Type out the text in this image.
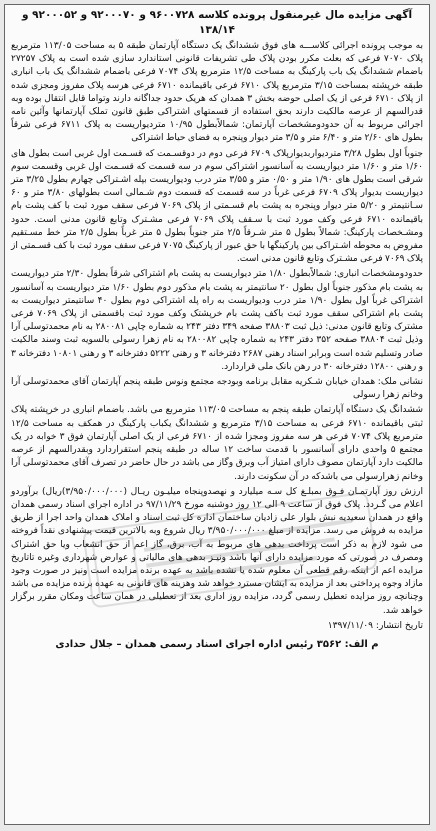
آگهی مزایده مال غیرمنقول پرونده کلاسه ۹۶۰۰۷۲۸ و ۹۲۰۰۰۷۰ و ۹۲۰۰۰۵۲ و ۱۳۸/۱۴

به موجب پرونده اجرائی کلاســـه های فوق ششدانگ یک دستگاه آپارتمان طبقه ۵ به مساحت ۱۱۳/۰۵ مترمربع پلاک ۷۰۷۰ فرعی که بعلت مکرر بودن پلاک طی تشریفات قانونی استاندارد سازی شده است به پلاک ۲۷۲۵۷ باضمام ششدانگ یک باب پارکینگ به مساحت ۱۲/۵ مترمربع پلاک ۷۰۷۴ فرعی باضمام ششدانگ یک باب انباری طبقه خرپشته بمساحت ۳/۱۵ مترمربع پلاک ۶۷۱۰ فرعی باقیمانده ۶۷۱۰ فرعی هرسه پلاک مفروز ومجزی شده از پلاک ۶۷۱۰ فرعی از یک اصلی حوضه بخش ۳ همدان که هریک حدود جداگانه دارند وتواما قابل انتقال بوده وبه قدرالسهم از عرصه مالکیت دارند بحق استفاده از قسمتهای اشتراکی طبق قانون تملک آپارتمانها وآئین نامه اجرائی مربوط به آن حدودومشخصات آپارتمان: شمالاًبطول ۱۰/۹۵ متردیواریست به پلاک ۶۷۱۱ فرعی شرقاً بطول های ۲/۶۰ متر و ۶/۴۰ متر و ۳/۵ متر دیوار وپنجره به فضای حیاط اشتراکی

جنوباً اول بطول ۳/۲۸ متردیواربدیوارپلاک ۶۷۰۹ فرعی دوم در دوقسـمت که قسـمت اول غربی است بطول های ۱/۶۰ متر و ۱/۶۰ متر دیواریست به آسانسور اشتراکی سوم در سه قسمت که قسـمت اول غربی وقسمت سوم شرقی است بطول های ۱/۹۰ متر و ۰/۵۰ متر و ۳/۵۵ متر درب ودیواریست بپله اشـتراکی چهارم بطول ۳/۲۵ متر دیواریست بدیوار پلاک ۶۷۰۹ فرعی غرباً در سه قسمت که قسمت دوم شـمالی است بطولهای ۳/۸۰ متر و ۶۰ سـانتیمتر و ۵/۲۰ متر دیوار وپنجره به پشت بام قسـمتی از پلاک ۷۰۶۹ فرعی سقف مورد ثبت با کف پشت بام باقیمانده ۶۷۱۰ فرعی وکف مورد ثبت با سـقف پلاک ۷۰۶۹ فرعی مشـترک وتابع قانون مدنی است. حدود ومشـخصات پارکینگ: شمالاً بطول ۵ متر شـرقاً ۲/۵ متر جنوباً بطول ۵ متر غرباً بطول ۲/۵ متر خط مسـتقیم مفروض به محوطه اشـتراکی بین پارکینگها با حق عبور از پارکینگ ۷۰۷۵ فرعی سقف مورد ثبت با کف قسـمتی از پلاک ۷۰۶۹ فرعی مشـترک وتابع قانون مدنی است.

حدودومشخصات انباری: شمالاًبطول ۱/۸۰ متر دیواریست به پشت بام اشتراکی شرقاً بطول ۲/۳۰ متر دیواریست به پشت بام مذکور جنوباً اول بطول ۲۰ سانتیمتر به پشت بام مذکور دوم بطول ۱/۶۰ متر دیواریست به آسانسور اشتراکی غرباً اول بطول ۱/۹۰ متر درب ودیواریست به راه پله اشتراکی دوم بطول ۴۰ سانتیمتر دیواریست به پشت بام اشتراکی سقف مورد ثبت باکف پشت بام خرپشتک وکف مورد ثبت باقسمتی از پلاک ۷۰۶۹ فرعی مشترک وتابع قانون مدنی: ذیل ثبت ۳۸۸۰۳ صفحه ۳۴۹ دفتر ۲۴۳ به شماره چاپی ۲۸۰۰۸۱ به نام محمدتوسلی آرا وذیل ثبت ۳۸۸۰۴ صفحه ۳۵۲ دفتر ۲۴۳ به شماره چاپی ۲۸۰۰۸۲ به نام زهرا رسولی بالسویه ثبت وسند مالکیت صادر وتسلیم شده است وبرابر اسناد رهنی ۲۶۸۷ دفترخانه ۳ و رهنی ۵۲۲۲ دفترخانه ۳ و رهنی ۱۰۸۰۱ دفترخانه ۳ و رهنی ۱۲۸۰۰ دفترخانه ۳۰ در رهن بانک ملی قراردارد.

نشانی ملک: همدان خیابان شـکریه مقابل برنامه وبودجه مجتمع ونوس طبقه پنجم آپارتمان آقای محمدتوسلی آرا وخانم زهرا رسولی

ششدانگ یک دستگاه آپارتمان طبقه پنجم به مساحت ۱۱۳/۰۵ مترمربع می باشد. باضمام انباری در خرپشته پلاک ثبتی باقیمانده ۶۷۱۰ فرعی به مساحت ۳/۱۵ مترمربع و ششدانگ یکباب پارکینگ در همکف به مساحت ۱۲/۵ مترمربع پلاک ۷۰۷۴ فرعی هر سه مفروز ومجزا شده از ۶۷۱۰ فرعی از یک اصلی آپارتمان فوق ۳ خوابه در یک مجتمع ۵ واحدی دارای آسانسور با قدمت ساخت ۱۲ ساله در طبقه پنجم استقراردارد وبقدرالسهم از عرصه مالکیت دارد آپارتمان مصوف دارای امتیاز آب وبرق وگاز می باشد در حال حاضر در تصرف آقای محمدتوسلی آرا وخانم زهرارسولی می باشدکه در آن سکونت دارند.

ارزش روز آپارتمـان فـوق بمبلـغ کل سـه میلیارد و نهصدوپنجاه میلیـون ریـال (۳/۹۵۰/۰۰۰/۰۰۰)ریال) برآوردو اعلام می گـردد. پلاک فوق از ساعت ۹ الی ۱۲ روز دوشنبه مورخ ۹۷/۱۱/۲۹ در اداره اجرای اسناد رسمی همدان واقع در همدان سعیدیه نبش بلوار علی زادیان ساختمان اداره کل ثبت اسناد و املاک همدان واحد اجرا از طریق مزایده به فروش می رسد. مزایده از مبلغ ۳/۹۵۰/۰۰۰/۰۰۰ ریال شروع وبه بالاترین قیمت پیشنهادی نقداً فروخته می شود لازم به ذکر است پرداخت بدهی های مربوط به آب، برق، گاز اعم از حق انشعاب ویا حق اشتراک ومصرف در صورتی که مورد مزایده دارای آنها باشد ونیـز بدهی های مالیاتی و عوارض شهرداری وغیره تاتاریخ مزایده اعم از اینکه رقم قطعی آن معلوم شده یا نشده باشد به عهده برنده مزایده است ونیز در صورت وجود مازاد وجوه پرداختی بعد از مزایده به ایشان مسترد خواهد شد وهزینه های قانونی به عهده برنده مزایده می باشد وچنانچه روز مزایده تعطیل رسمی گردد، مزایده روز اداری بعد از تعطیلی در همان ساعت ومکان مقرر برگزار خواهد شد.

تاریخ انتشار: ۱۳۹۷/۱۱/۰۹

م الف: ۳۵۶۲ رئیس اداره اجرای اسناد رسمی همدان – جلال حدادی
